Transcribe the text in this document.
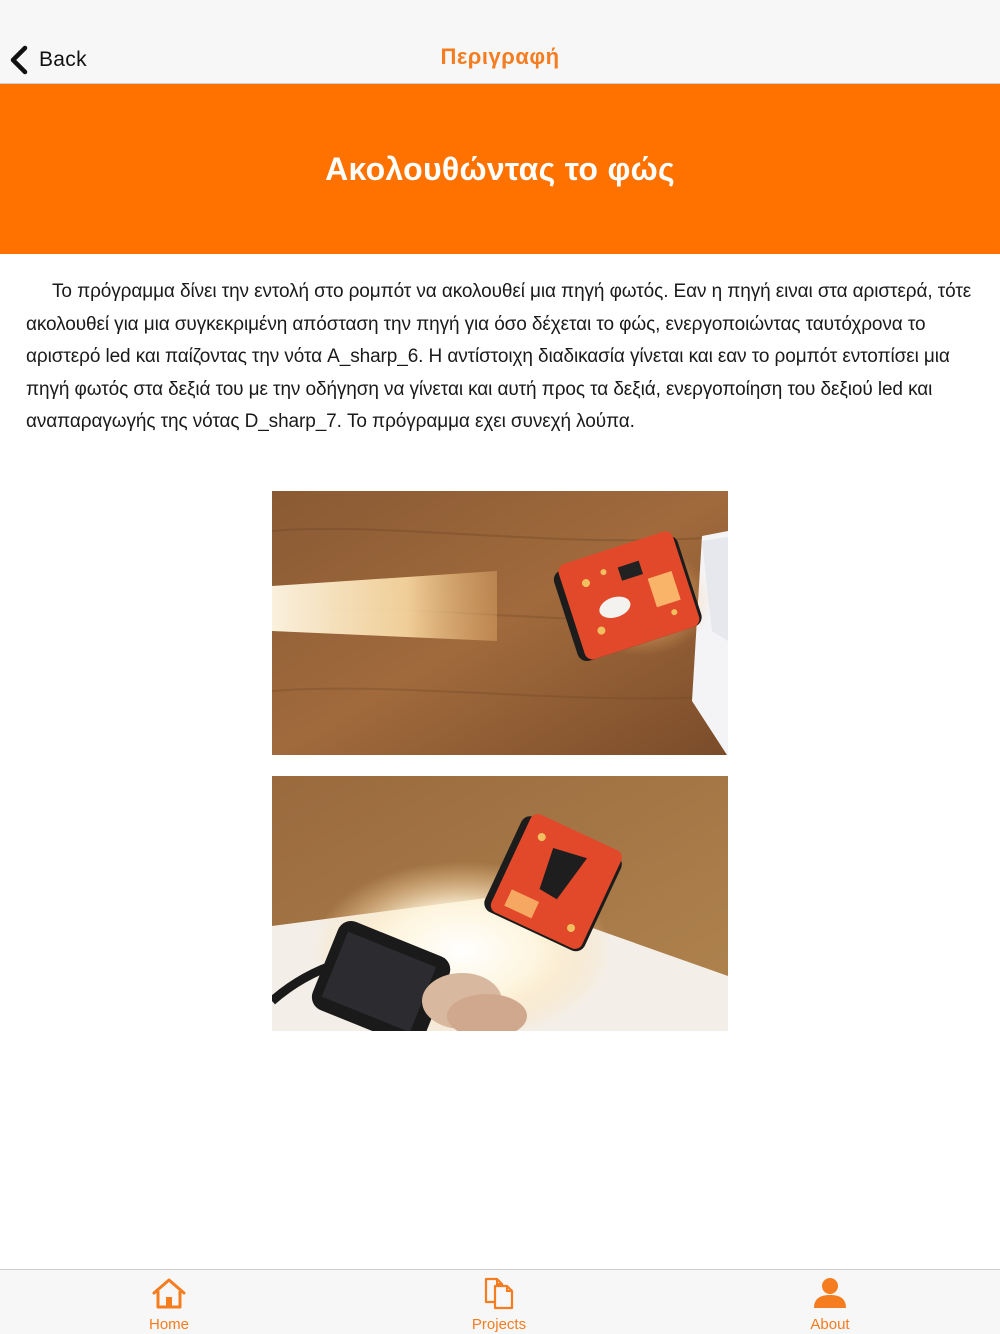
Back	Περιγραφή
Ακολουθώντας το φώς

Το πρόγραμμα δίνει την εντολή στο ρομπότ να ακολουθεί μια πηγή φωτός. Εαν η πηγή ειναι στα αριστερά, τότε ακολουθεί για μια συγκεκριμένη απόσταση την πηγή για όσο δέχεται το φώς, ενεργοποιώντας ταυτόχρονα το αριστερό led και παίζοντας την νότα A_sharp_6. Η αντίστοιχη διαδικασία γίνεται και εαν το ρομπότ εντοπίσει μια πηγή φωτός στα δεξιά του με την οδήγηση να γίνεται και αυτή προς τα δεξιά, ενεργοποίηση του δεξιού led και αναπαραγωγής της νότας D_sharp_7. Το πρόγραμμα εχει συνεχή λούπα.

Home	Projects	About
